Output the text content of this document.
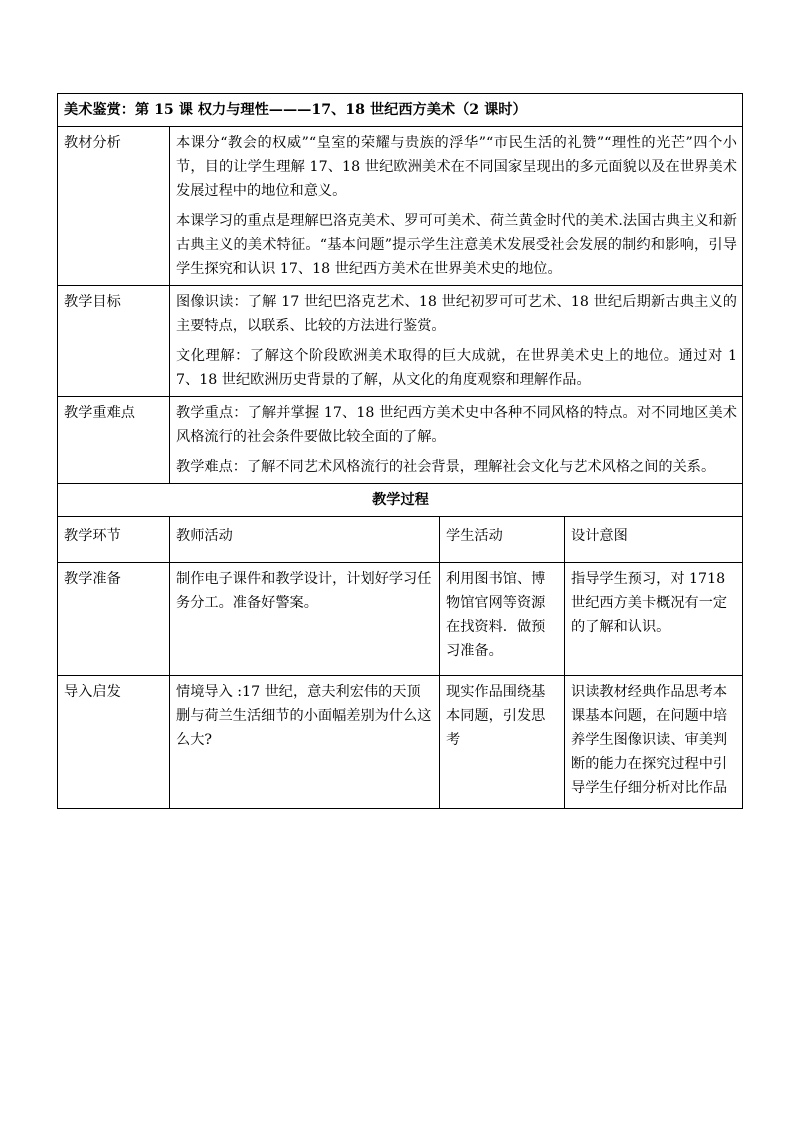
美术鉴赏：第 15 课 权力与理性———17、18 世纪西方美术（2 课时）			
教材分析	本课分“教会的权威”“皇室的荣耀与贵族的浮华”“市民生活的礼赞”“理性的光芒”四个小节，目的让学生理解 17、18 世纪欧洲美术在不同国家呈现出的多元面貌以及在世界美术发展过程中的地位和意义。

本课学习的重点是理解巴洛克美术、罗可可美术、荷兰黄金时代的美术.法国古典主义和新古典主义的美术特征。“基本问题”提示学生注意美术发展受社会发展的制约和影响，引导学生探究和认识 17、18 世纪西方美术在世界美术史的地位。		

教学目标	图像识读：了解 17 世纪巴洛克艺术、18 世纪初罗可可艺术、18 世纪后期新古典主义的主要特点，以联系、比较的方法进行鉴赏。

文化理解：了解这个阶段欧洲美术取得的巨大成就，在世界美术史上的地位。通过对 17、18 世纪欧洲历史背景的了解，从文化的角度观察和理解作品。		

教学重难点	教学重点：了解并掌握 17、18 世纪西方美术史中各种不同风格的特点。对不同地区美术风格流行的社会条件要做比较全面的了解。

教学难点：了解不同艺术风格流行的社会背景，理解社会文化与艺术风格之间的关系。		

教学过程			
教学环节	教师活动	学生活动	设计意图
教学准备	制作电子课件和教学设计，计划好学习任务分工。准备好警案。	利用图书馆、博物馆官网等资源在找资料．做预习准备。	指导学生预习，对 1718 世纪西方美卡概况有一定的了解和认识。
导入启发	情境导入 :17 世纪，意夫利宏伟的天顶删与荷兰生活细节的小面幅差别为什么这么大?	现实作品围绕基本同题，引发思考	识读教材经典作品思考本课基本问题，在问题中培养学生图像识读、审美判断的能力在探究过程中引导学生仔细分析对比作品
